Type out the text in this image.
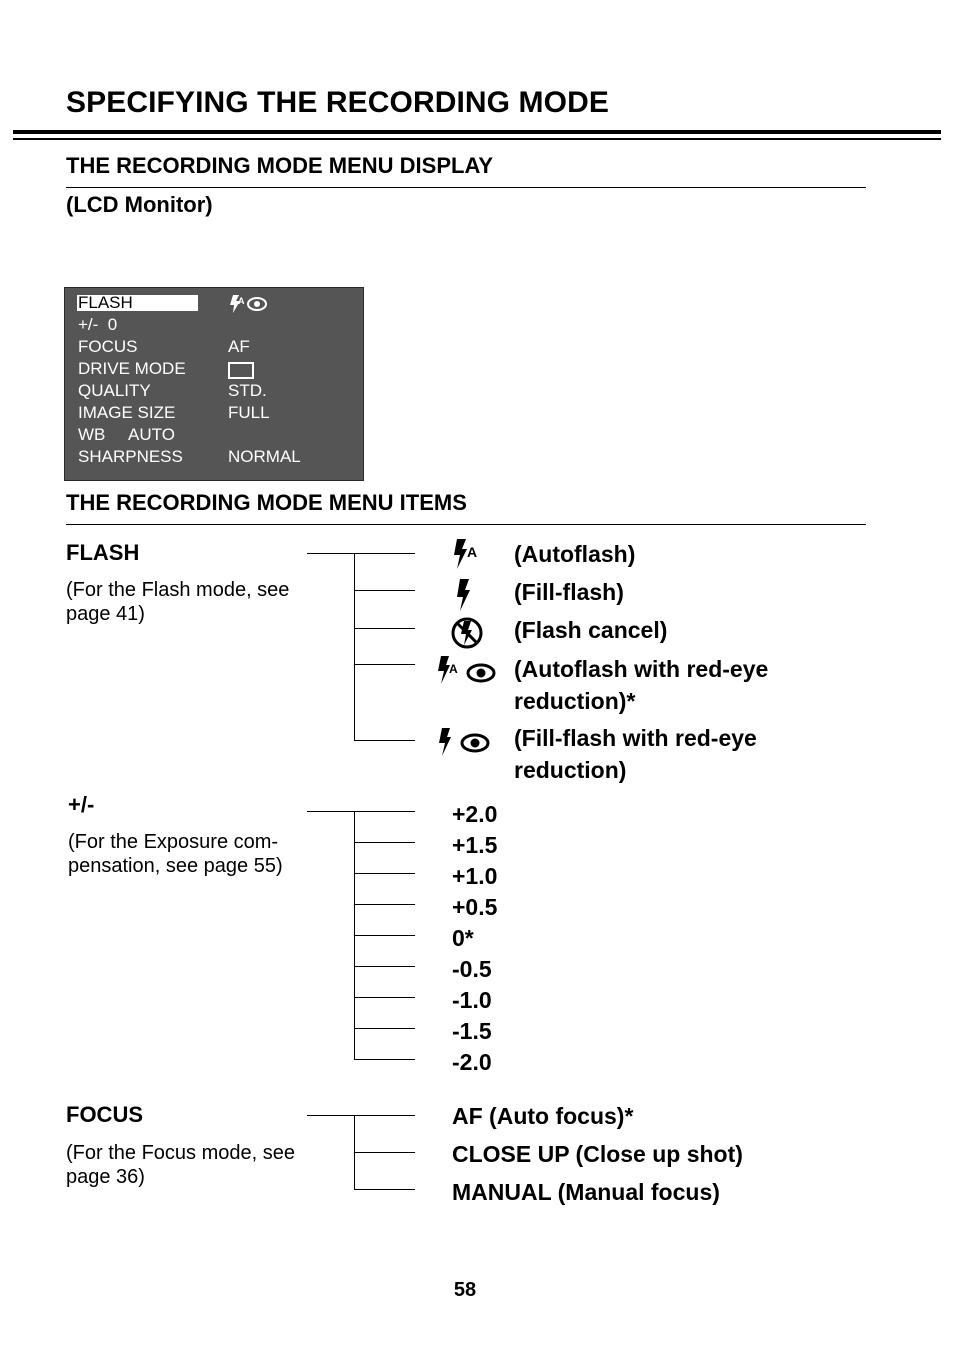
SPECIFYING THE RECORDING MODE
THE RECORDING MODE MENU DISPLAY
(LCD Monitor)
FLASH	A
+/-  0
FOCUS	AF
DRIVE MODE
QUALITY	STD.
IMAGE SIZE	FULL
WB     AUTO
SHARPNESS	NORMAL
THE RECORDING MODE MENU ITEMS
FLASH
(For the Flash mode, see page 41)
A
A
(Autoflash)
(Fill-flash)
(Flash cancel)
(Autoflash with red-eye reduction)*
(Fill-flash with red-eye reduction)
+/-
(For the Exposure com-pensation, see page 55)
+2.0
+1.5
+1.0
+0.5
0*
-0.5
-1.0
-1.5
-2.0
FOCUS
(For the Focus mode, see page 36)
AF (Auto focus)*
CLOSE UP (Close up shot)
MANUAL (Manual focus)
58
